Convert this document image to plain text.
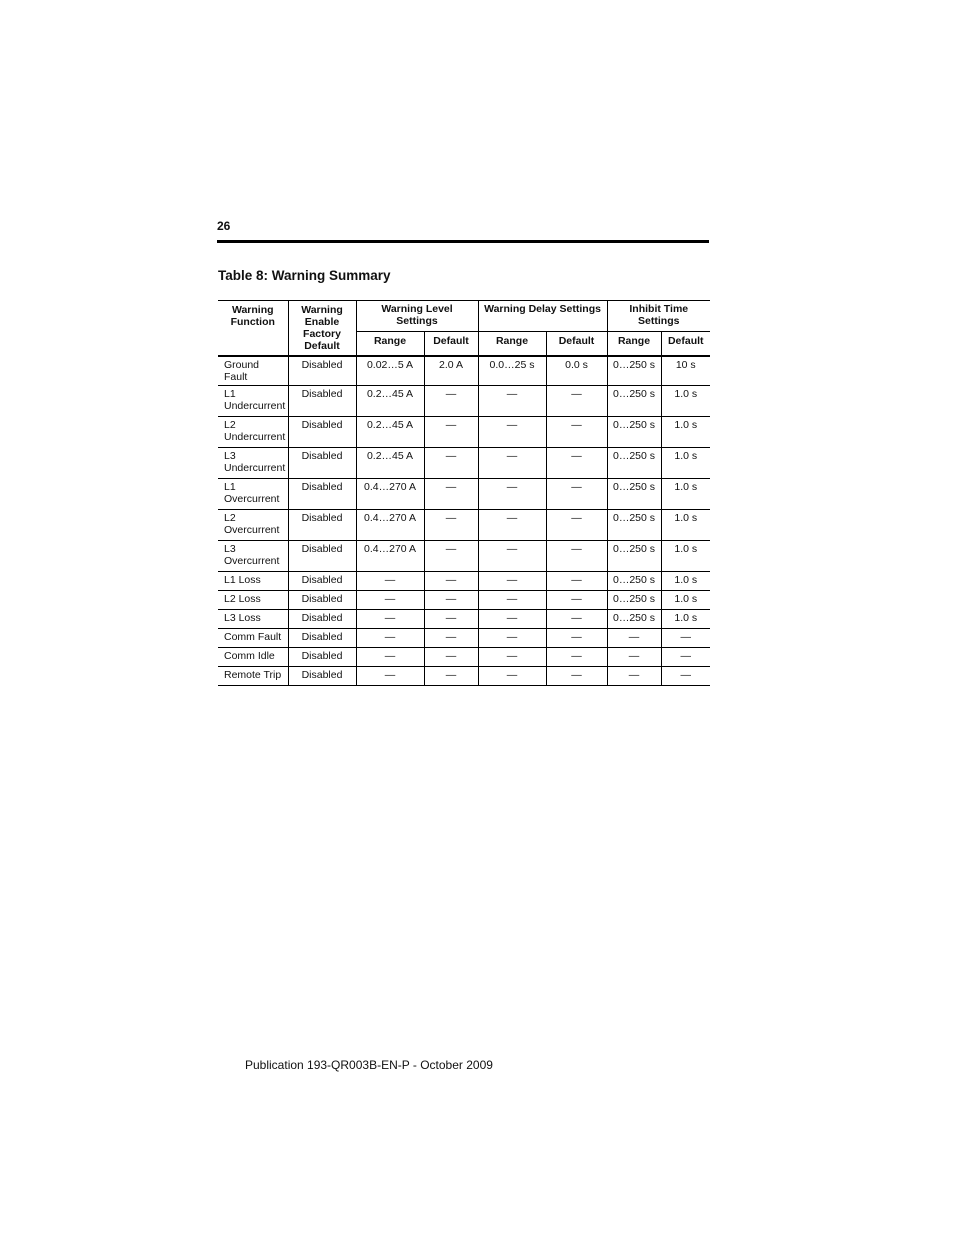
26
Table 8: Warning Summary
Warning Function	Warning Enable Factory Default	Warning Level Settings		Warning Delay Settings		Inhibit Time Settings	
		Range	Default	Range	Default	Range	Default
Ground Fault	Disabled	0.02…5 A	2.0 A	0.0…25 s	0.0 s	0…250 s	10 s
L1 Undercurrent	Disabled	0.2…45 A	—	—	—	0…250 s	1.0 s
L2 Undercurrent	Disabled	0.2…45 A	—	—	—	0…250 s	1.0 s
L3 Undercurrent	Disabled	0.2…45 A	—	—	—	0…250 s	1.0 s
L1 Overcurrent	Disabled	0.4…270 A	—	—	—	0…250 s	1.0 s
L2 Overcurrent	Disabled	0.4…270 A	—	—	—	0…250 s	1.0 s
L3 Overcurrent	Disabled	0.4…270 A	—	—	—	0…250 s	1.0 s
L1 Loss	Disabled	—	—	—	—	0…250 s	1.0 s
L2 Loss	Disabled	—	—	—	—	0…250 s	1.0 s
L3 Loss	Disabled	—	—	—	—	0…250 s	1.0 s
Comm Fault	Disabled	—	—	—	—	—	—
Comm Idle	Disabled	—	—	—	—	—	—
Remote Trip	Disabled	—	—	—	—	—	—
Publication 193-QR003B-EN-P - October 2009
